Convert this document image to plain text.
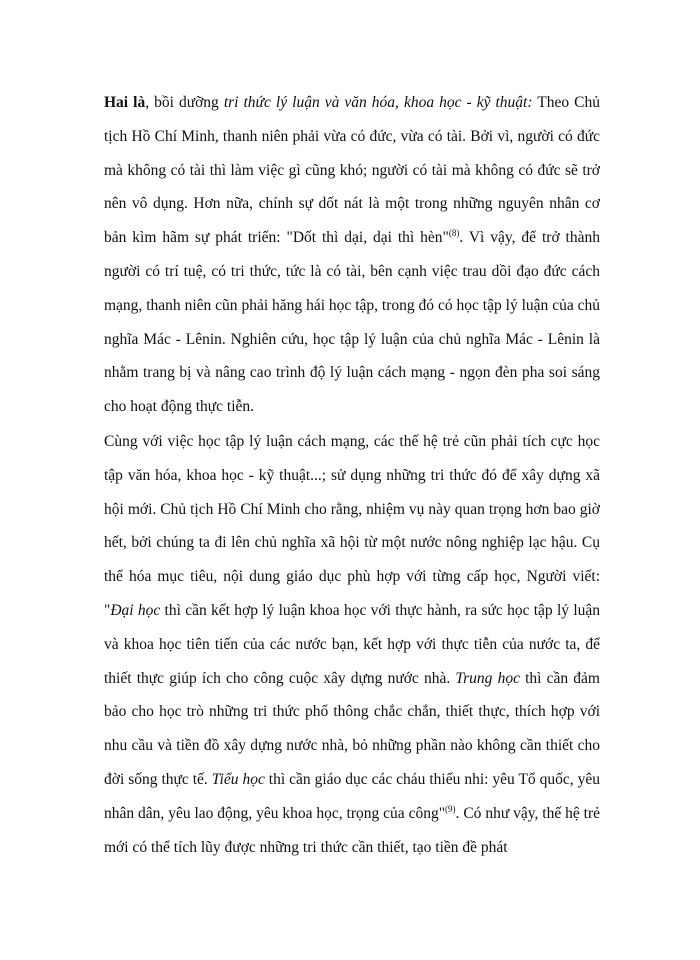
Hai là, bồi dưỡng tri thức lý luận và văn hóa, khoa học - kỹ thuật: Theo Chủ tịch Hồ Chí Minh, thanh niên phải vừa có đức, vừa có tài. Bởi vì, người có đức mà không có tài thì làm việc gì cũng khó; người có tài mà không có đức sẽ trở nên vô dụng. Hơn nữa, chính sự dốt nát là một trong những nguyên nhân cơ bản kìm hãm sự phát triển: "Dốt thì dại, dại thì hèn"$^{(8)}$. Vì vậy, để trở thành người có trí tuệ, có tri thức, tức là có tài, bên cạnh việc trau dồi đạo đức cách mạng, thanh niên cũn phải hăng hái học tập, trong đó có học tập lý luận của chủ nghĩa Mác - Lênin. Nghiên cứu, học tập lý luận của chủ nghĩa Mác - Lênin là nhằm trang bị và nâng cao trình độ lý luận cách mạng - ngọn đèn pha soi sáng cho hoạt động thực tiễn.

Cùng với việc học tập lý luận cách mạng, các thế hệ trẻ cũn phải tích cực học tập văn hóa, khoa học - kỹ thuật...; sử dụng những tri thức đó để xây dựng xã hội mới. Chủ tịch Hồ Chí Minh cho rằng, nhiệm vụ này quan trọng hơn bao giờ hết, bởi chúng ta đi lên chủ nghĩa xã hội từ một nước nông nghiệp lạc hậu. Cụ thể hóa mục tiêu, nội dung giáo dục phù hợp với từng cấp học, Người viết: "Đại học thì cần kết hợp lý luận khoa học với thực hành, ra sức học tập lý luận và khoa học tiên tiến của các nước bạn, kết hợp với thực tiễn của nước ta, để thiết thực giúp ích cho công cuộc xây dựng nước nhà. Trung học thì cần đảm bảo cho học trò những tri thức phổ thông chắc chắn, thiết thực, thích hợp với nhu cầu và tiền đồ xây dựng nước nhà, bỏ những phần nào không cần thiết cho đời sống thực tế. Tiểu học thì cần giáo dục các cháu thiếu nhi: yêu Tổ quốc, yêu nhân dân, yêu lao động, yêu khoa học, trọng của công"$^{(9)}$. Có như vậy, thế hệ trẻ mới có thể tích lũy được những tri thức cần thiết, tạo tiền đề phát
